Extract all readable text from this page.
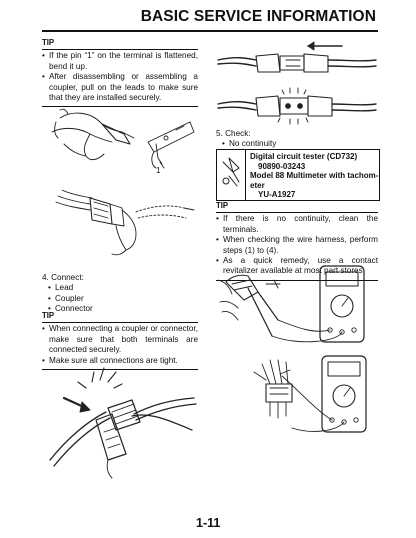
BASIC SERVICE INFORMATION
TIP
• If the pin “1” on the terminal is flattened, bend it up.
• After disassembling or assembling a coupler, pull on the leads to make sure that they are installed securely.
1
4. Connect:
• Lead
• Coupler
• Connector
TIP
• When connecting a coupler or connector, make sure that both terminals are connected securely.
• Make sure all connections are tight.
5. Check:
• No continuity
Digital circuit tester (CD732)
90890-03243
Model 88 Multimeter with tachom-
eter
YU-A1927
TIP
• If there is no continuity, clean the terminals.
• When checking the wire harness, perform steps (1) to (4).
• As a quick remedy, use a contact revitalizer available at most part stores.
1-11
